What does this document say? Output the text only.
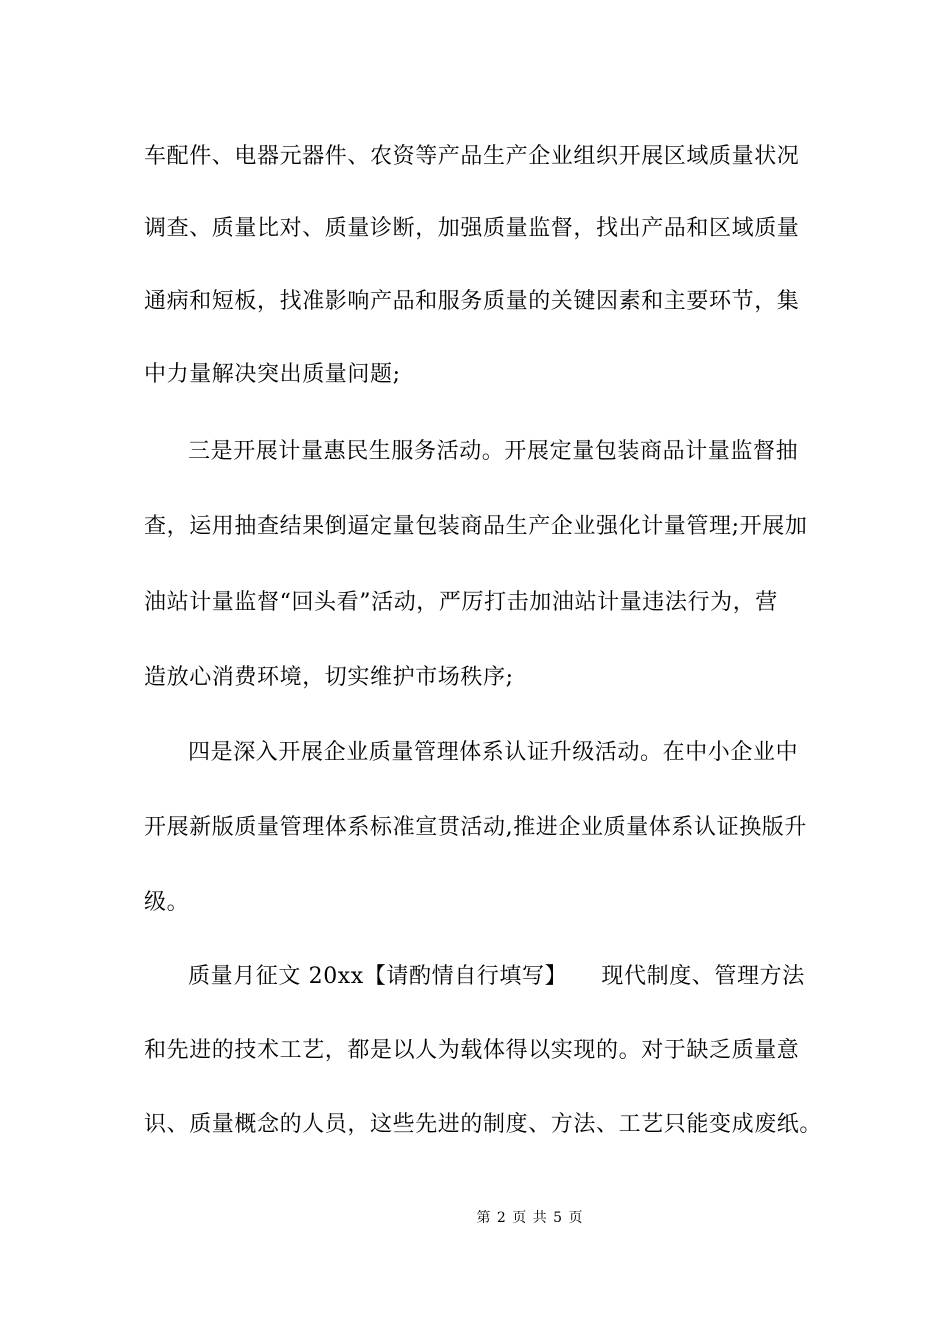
车配件、电器元器件、农资等产品生产企业组织开展区域质量状况
调查、质量比对、质量诊断，加强质量监督，找出产品和区域质量
通病和短板，找准影响产品和服务质量的关键因素和主要环节，集
中力量解决突出质量问题;
三是开展计量惠民生服务活动。开展定量包装商品计量监督抽
查，运用抽查结果倒逼定量包装商品生产企业强化计量管理;开展加
油站计量监督“回头看”活动，严厉打击加油站计量违法行为，营
造放心消费环境，切实维护市场秩序;
四是深入开展企业质量管理体系认证升级活动。在中小企业中
开展新版质量管理体系标准宣贯活动,推进企业质量体系认证换版升
级。
质量月征文 20xx【请酌情自行填写】　　现代制度、管理方法
和先进的技术工艺，都是以人为载体得以实现的。对于缺乏质量意
识、质量概念的人员，这些先进的制度、方法、工艺只能变成废纸。
第 2 页 共 5 页
